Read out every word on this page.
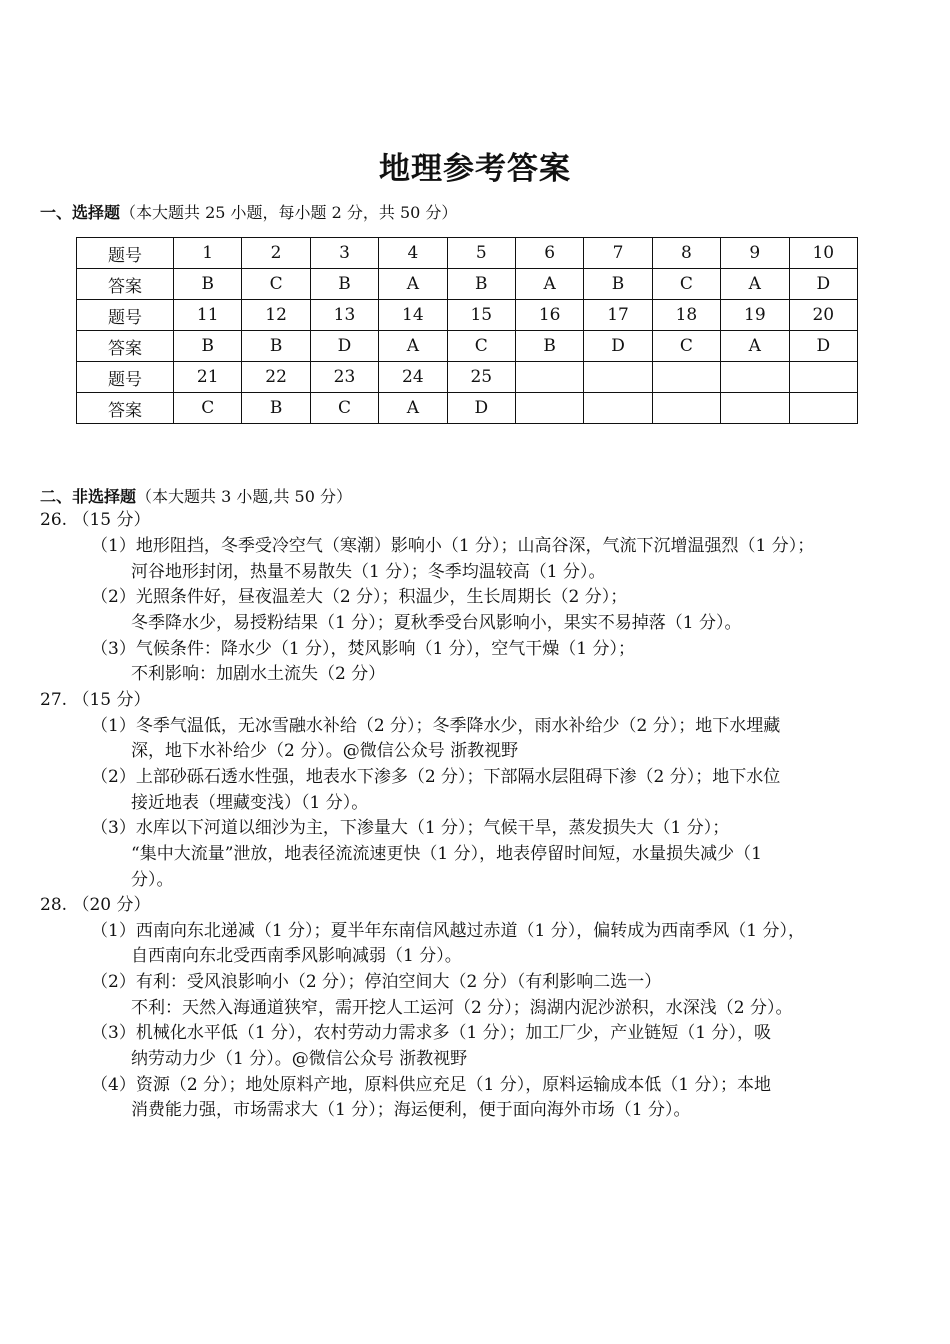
地理参考答案
一、选择题（本大题共 25 小题，每小题 2 分，共 50 分）
题号	1	2	3	4	5	6	7	8	9	10
答案	B	C	B	A	B	A	B	C	A	D
题号	11	12	13	14	15	16	17	18	19	20
答案	B	B	D	A	C	B	D	C	A	D
题号	21	22	23	24	25					
答案	C	B	C	A	D					
二、非选择题（本大题共 3 小题,共 50 分）
26. （15 分）
（1）地形阻挡，冬季受冷空气（寒潮）影响小（1 分）；山高谷深，气流下沉增温强烈（1 分）；
河谷地形封闭，热量不易散失（1 分）；冬季均温较高（1 分）。
（2）光照条件好，昼夜温差大（2 分）；积温少，生长周期长（2 分）；
冬季降水少，易授粉结果（1 分）；夏秋季受台风影响小，果实不易掉落（1 分）。
（3）气候条件：降水少（1 分），焚风影响（1 分），空气干燥（1 分）；
不利影响：加剧水土流失（2 分）
27. （15 分）
（1）冬季气温低，无冰雪融水补给（2 分）；冬季降水少，雨水补给少（2 分）；地下水埋藏
深，地下水补给少（2 分）。@微信公众号 浙教视野
（2）上部砂砾石透水性强，地表水下渗多（2 分）；下部隔水层阻碍下渗（2 分）；地下水位
接近地表（埋藏变浅）（1 分）。
（3）水库以下河道以细沙为主，下渗量大（1 分）；气候干旱，蒸发损失大（1 分）；
“集中大流量”泄放，地表径流流速更快（1 分），地表停留时间短，水量损失减少（1
分）。
28. （20 分）
（1）西南向东北递减（1 分）；夏半年东南信风越过赤道（1 分），偏转成为西南季风（1 分），
自西南向东北受西南季风影响减弱（1 分）。
（2）有利：受风浪影响小（2 分）；停泊空间大（2 分）（有利影响二选一）
不利：天然入海通道狭窄，需开挖人工运河（2 分）；潟湖内泥沙淤积，水深浅（2 分）。
（3）机械化水平低（1 分），农村劳动力需求多（1 分）；加工厂少，产业链短（1 分），吸
纳劳动力少（1 分）。@微信公众号 浙教视野
（4）资源（2 分）；地处原料产地，原料供应充足（1 分），原料运输成本低（1 分）；本地
消费能力强，市场需求大（1 分）；海运便利，便于面向海外市场（1 分）。
